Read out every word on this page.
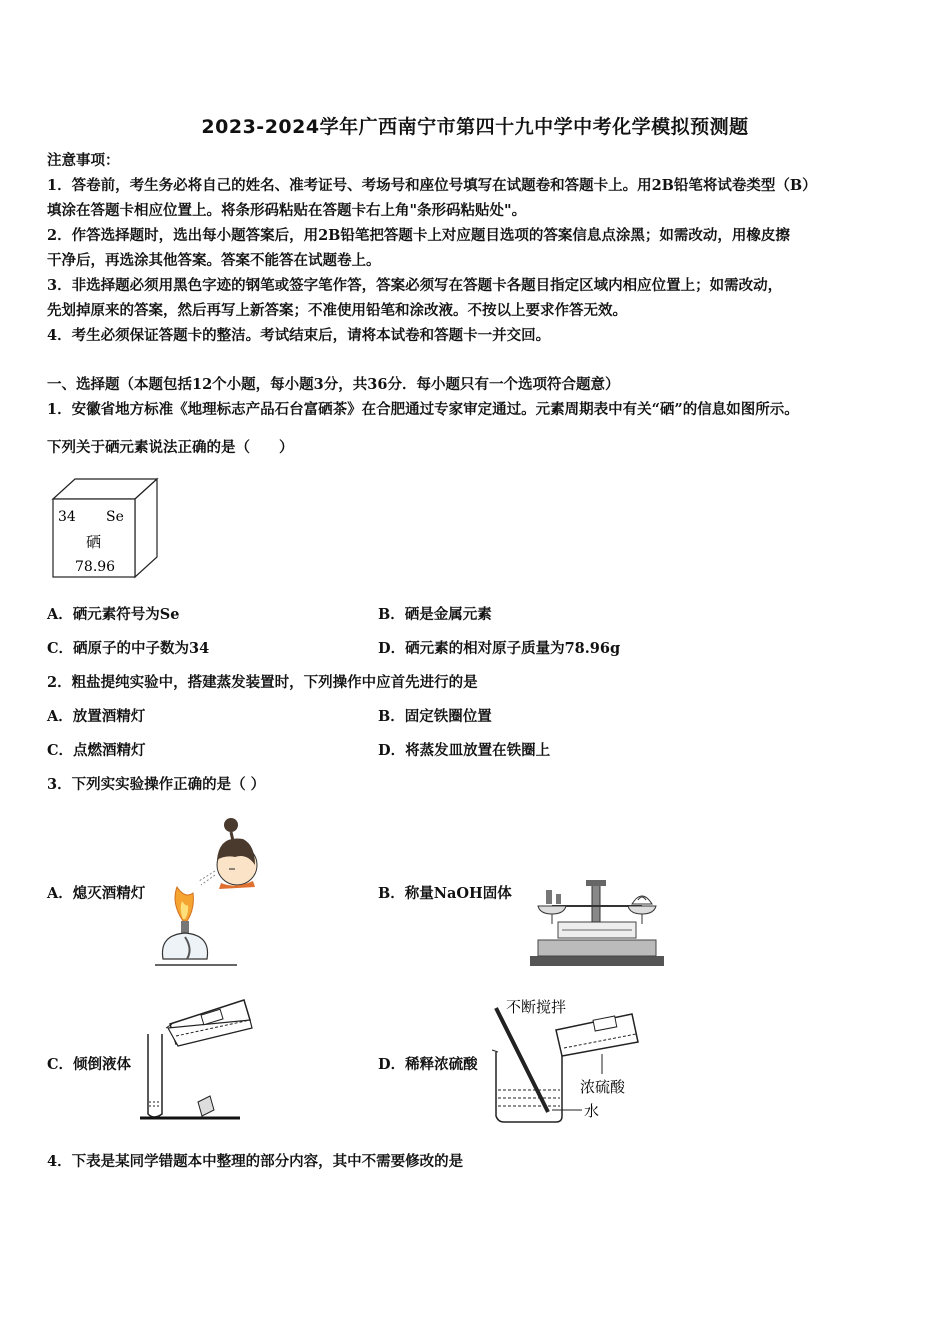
2023-2024学年广西南宁市第四十九中学中考化学模拟预测题
注意事项：
1．答卷前，考生务必将自己的姓名、准考证号、考场号和座位号填写在试题卷和答题卡上。用2B铅笔将试卷类型（B）
填涂在答题卡相应位置上。将条形码粘贴在答题卡右上角"条形码粘贴处"。
2．作答选择题时，选出每小题答案后，用2B铅笔把答题卡上对应题目选项的答案信息点涂黑；如需改动，用橡皮擦
干净后，再选涂其他答案。答案不能答在试题卷上。
3．非选择题必须用黑色字迹的钢笔或签字笔作答，答案必须写在答题卡各题目指定区域内相应位置上；如需改动，
先划掉原来的答案，然后再写上新答案；不准使用铅笔和涂改液。不按以上要求作答无效。
4．考生必须保证答题卡的整洁。考试结束后，请将本试卷和答题卡一并交回。
一、选择题（本题包括12个小题，每小题3分，共36分．每小题只有一个选项符合题意）
1．安徽省地方标准《地理标志产品石台富硒茶》在合肥通过专家审定通过。元素周期表中有关“硒”的信息如图所示。
下列关于硒元素说法正确的是（　　）
34 Se
硒
78.96
A．硒元素符号为Se	B．硒是金属元素
C．硒原子的中子数为34	D．硒元素的相对原子质量为78.96g
2．粗盐提纯实验中，搭建蒸发装置时，下列操作中应首先进行的是
A．放置酒精灯	B．固定铁圈位置
C．点燃酒精灯	D．将蒸发皿放置在铁圈上
3．下列实实验操作正确的是（ ）
A．熄灭酒精灯	B．称量NaOH固体
C．倾倒液体	D．稀释浓硫酸
不断搅拌
浓硫酸
水
4．下表是某同学错题本中整理的部分内容，其中不需要修改的是
